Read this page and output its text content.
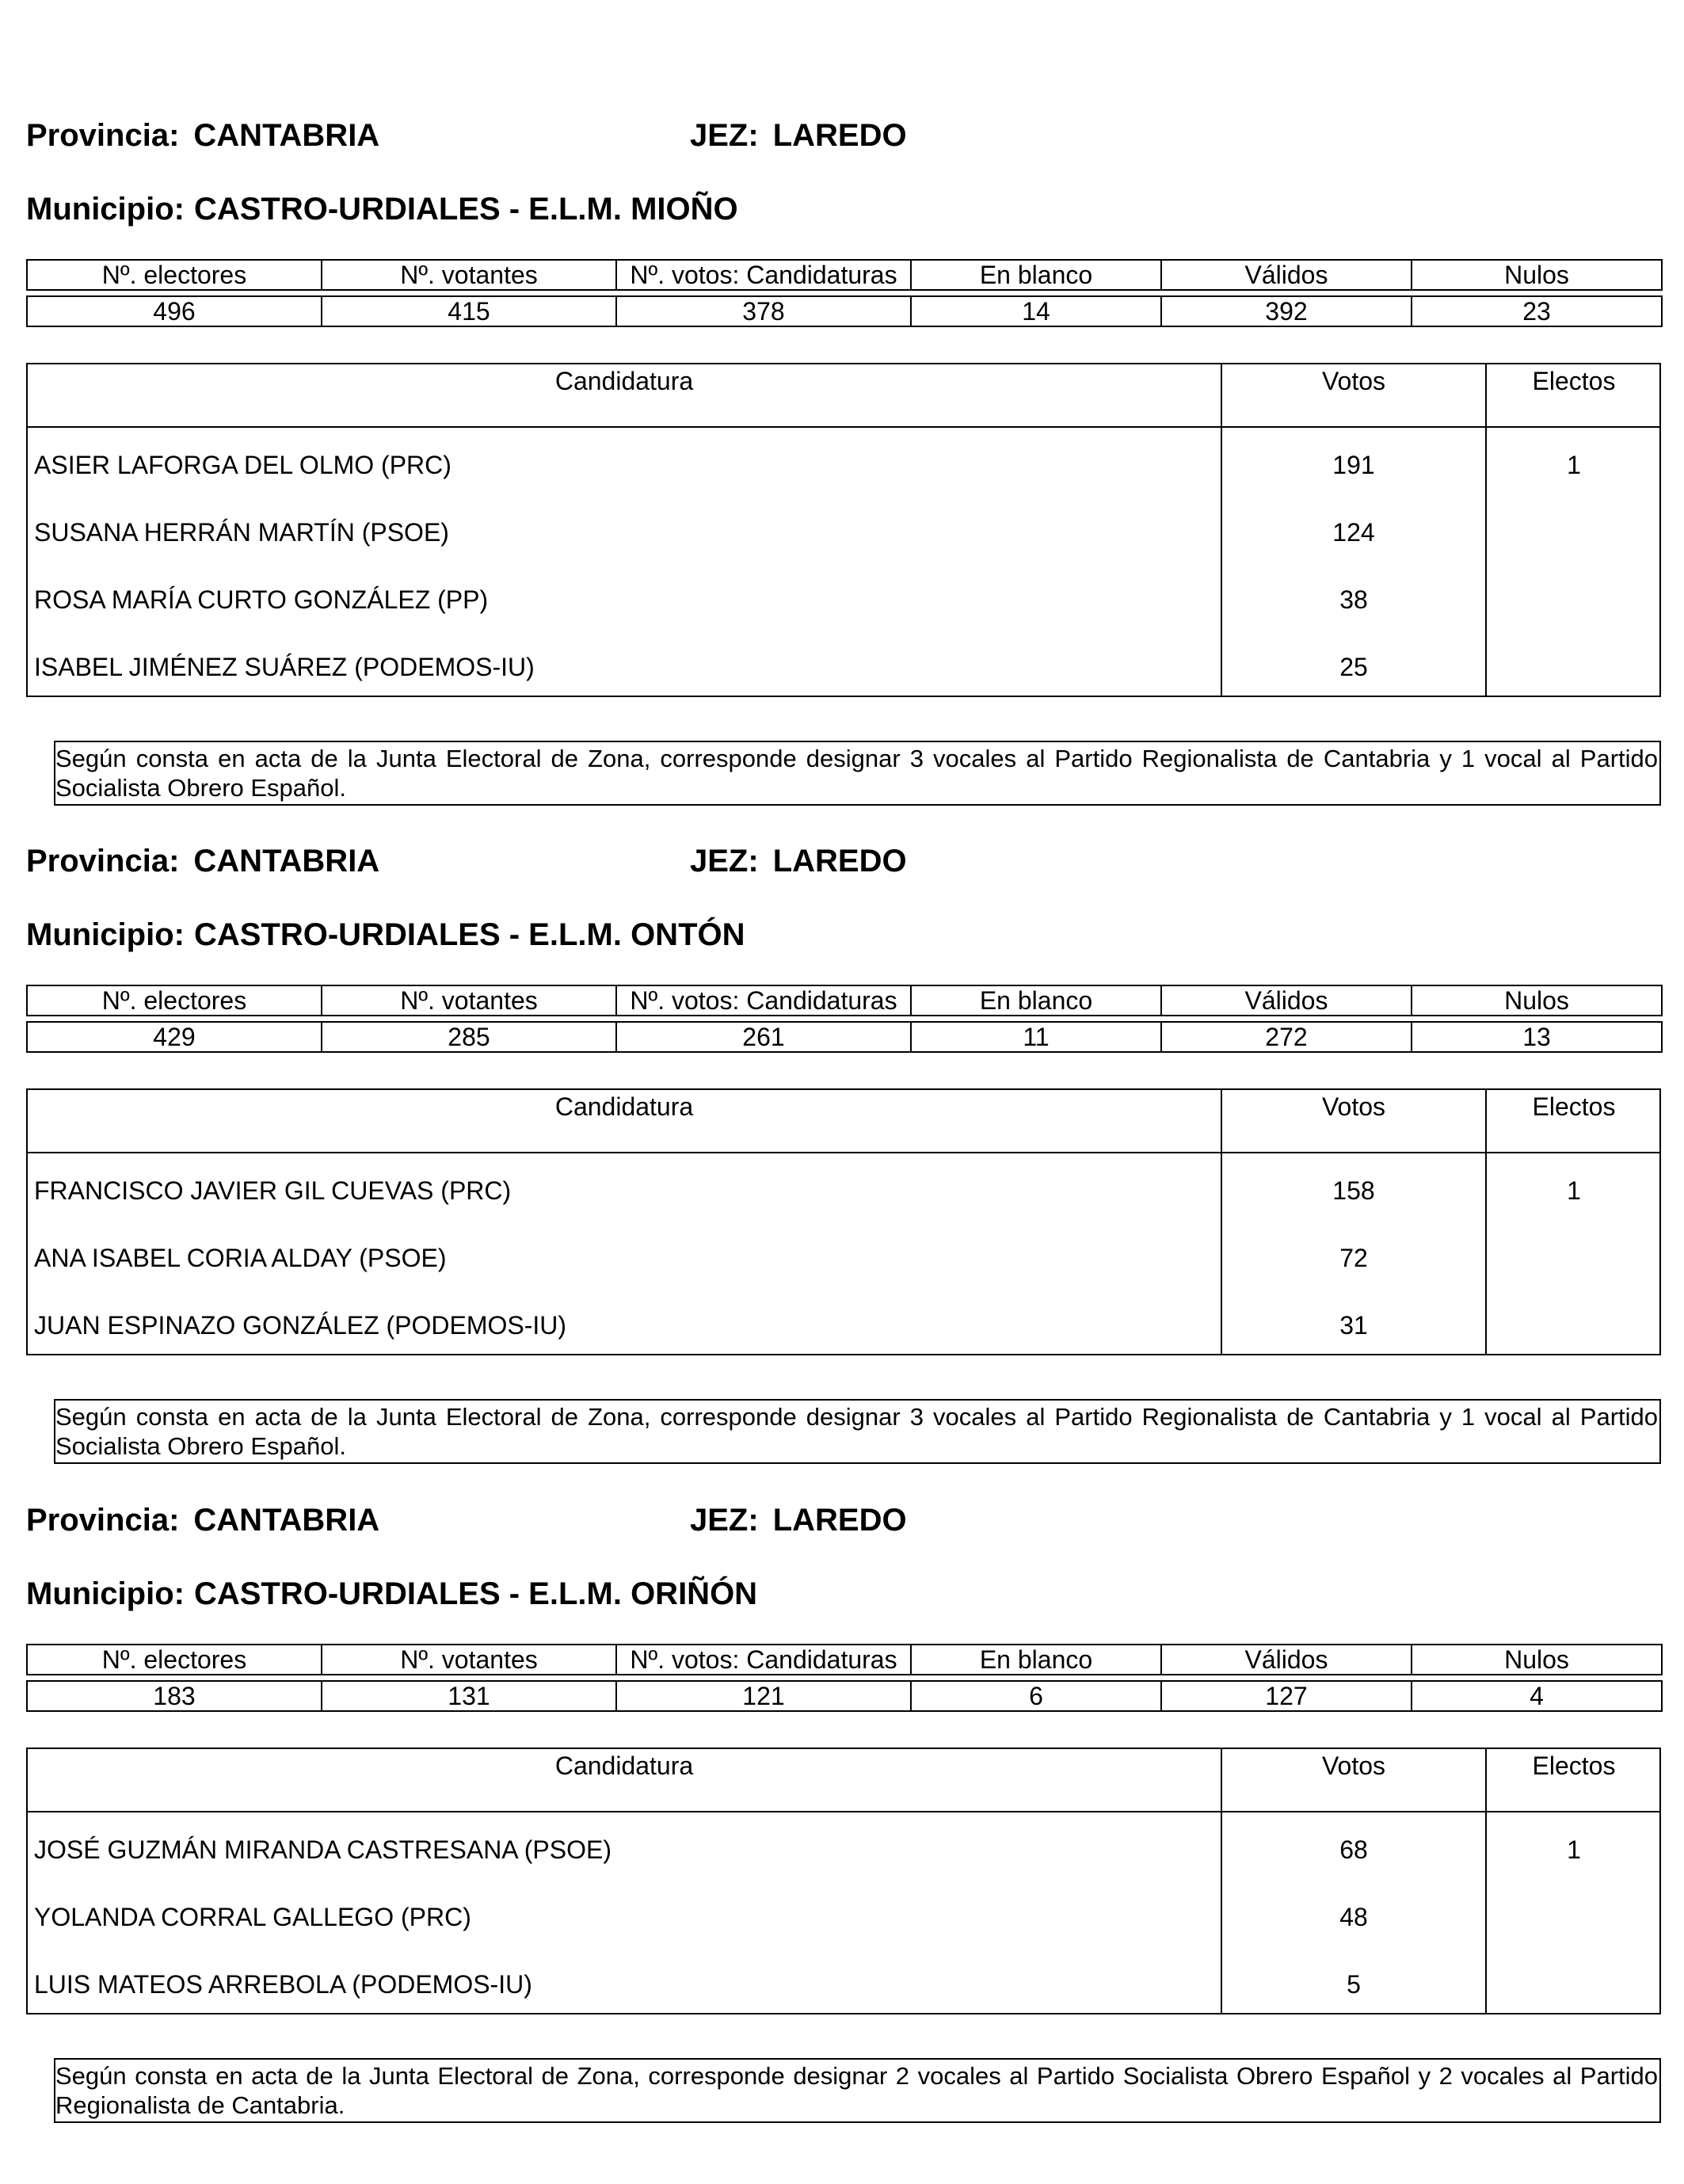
Provincia: CANTABRIA	JEZ: LAREDO
Municipio: CASTRO-URDIALES - E.L.M. MIOÑO
Nº. electores	Nº. votantes	Nº. votos: Candidaturas	En blanco	Válidos	Nulos

496	415	378	14	392	23
Candidatura	Votos	Electos
ASIER LAFORGA DEL OLMO (PRC)	191	1
SUSANA HERRÁN MARTÍN (PSOE)	124
ROSA MARÍA CURTO GONZÁLEZ (PP)	38
ISABEL JIMÉNEZ SUÁREZ (PODEMOS-IU)	25
Según consta en acta de la Junta Electoral de Zona, corresponde designar 3 vocales al Partido Regionalista de Cantabria y 1 vocal al Partido Socialista Obrero Español.
Provincia: CANTABRIA	JEZ: LAREDO
Municipio: CASTRO-URDIALES - E.L.M. ONTÓN
Nº. electores	Nº. votantes	Nº. votos: Candidaturas	En blanco	Válidos	Nulos

429	285	261	11	272	13
Candidatura	Votos	Electos
FRANCISCO JAVIER GIL CUEVAS (PRC)	158	1
ANA ISABEL CORIA ALDAY (PSOE)	72
JUAN ESPINAZO GONZÁLEZ (PODEMOS-IU)	31
Según consta en acta de la Junta Electoral de Zona, corresponde designar 3 vocales al Partido Regionalista de Cantabria y 1 vocal al Partido Socialista Obrero Español.
Provincia: CANTABRIA	JEZ: LAREDO
Municipio: CASTRO-URDIALES - E.L.M. ORIÑÓN
Nº. electores	Nº. votantes	Nº. votos: Candidaturas	En blanco	Válidos	Nulos

183	131	121	6	127	4
Candidatura	Votos	Electos
JOSÉ GUZMÁN MIRANDA CASTRESANA (PSOE)	68	1
YOLANDA CORRAL GALLEGO (PRC)	48
LUIS MATEOS ARREBOLA (PODEMOS-IU)	5
Según consta en acta de la Junta Electoral de Zona, corresponde designar 2 vocales al Partido Socialista Obrero Español y 2 vocales al Partido Regionalista de Cantabria.
